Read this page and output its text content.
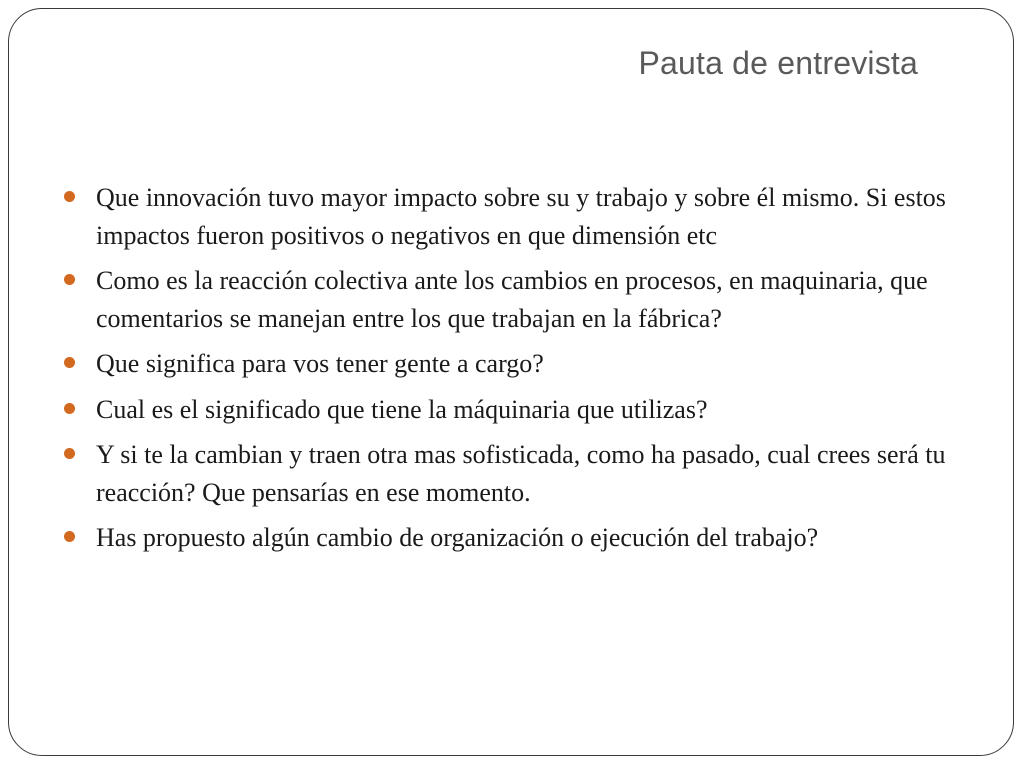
Pauta de entrevista
Que innovación tuvo mayor impacto sobre su y trabajo y sobre él mismo. Si estos impactos fueron positivos o negativos en que dimensión etc
Como es la reacción colectiva ante los cambios en procesos, en maquinaria, que comentarios se manejan entre los que trabajan en la fábrica?
Que significa para vos tener gente a cargo?
Cual es el significado que tiene la máquinaria que utilizas?
Y si te la cambian y traen otra mas sofisticada, como ha pasado, cual crees será tu reacción? Que pensarías en ese momento.
Has propuesto algún cambio de organización o ejecución del trabajo?
